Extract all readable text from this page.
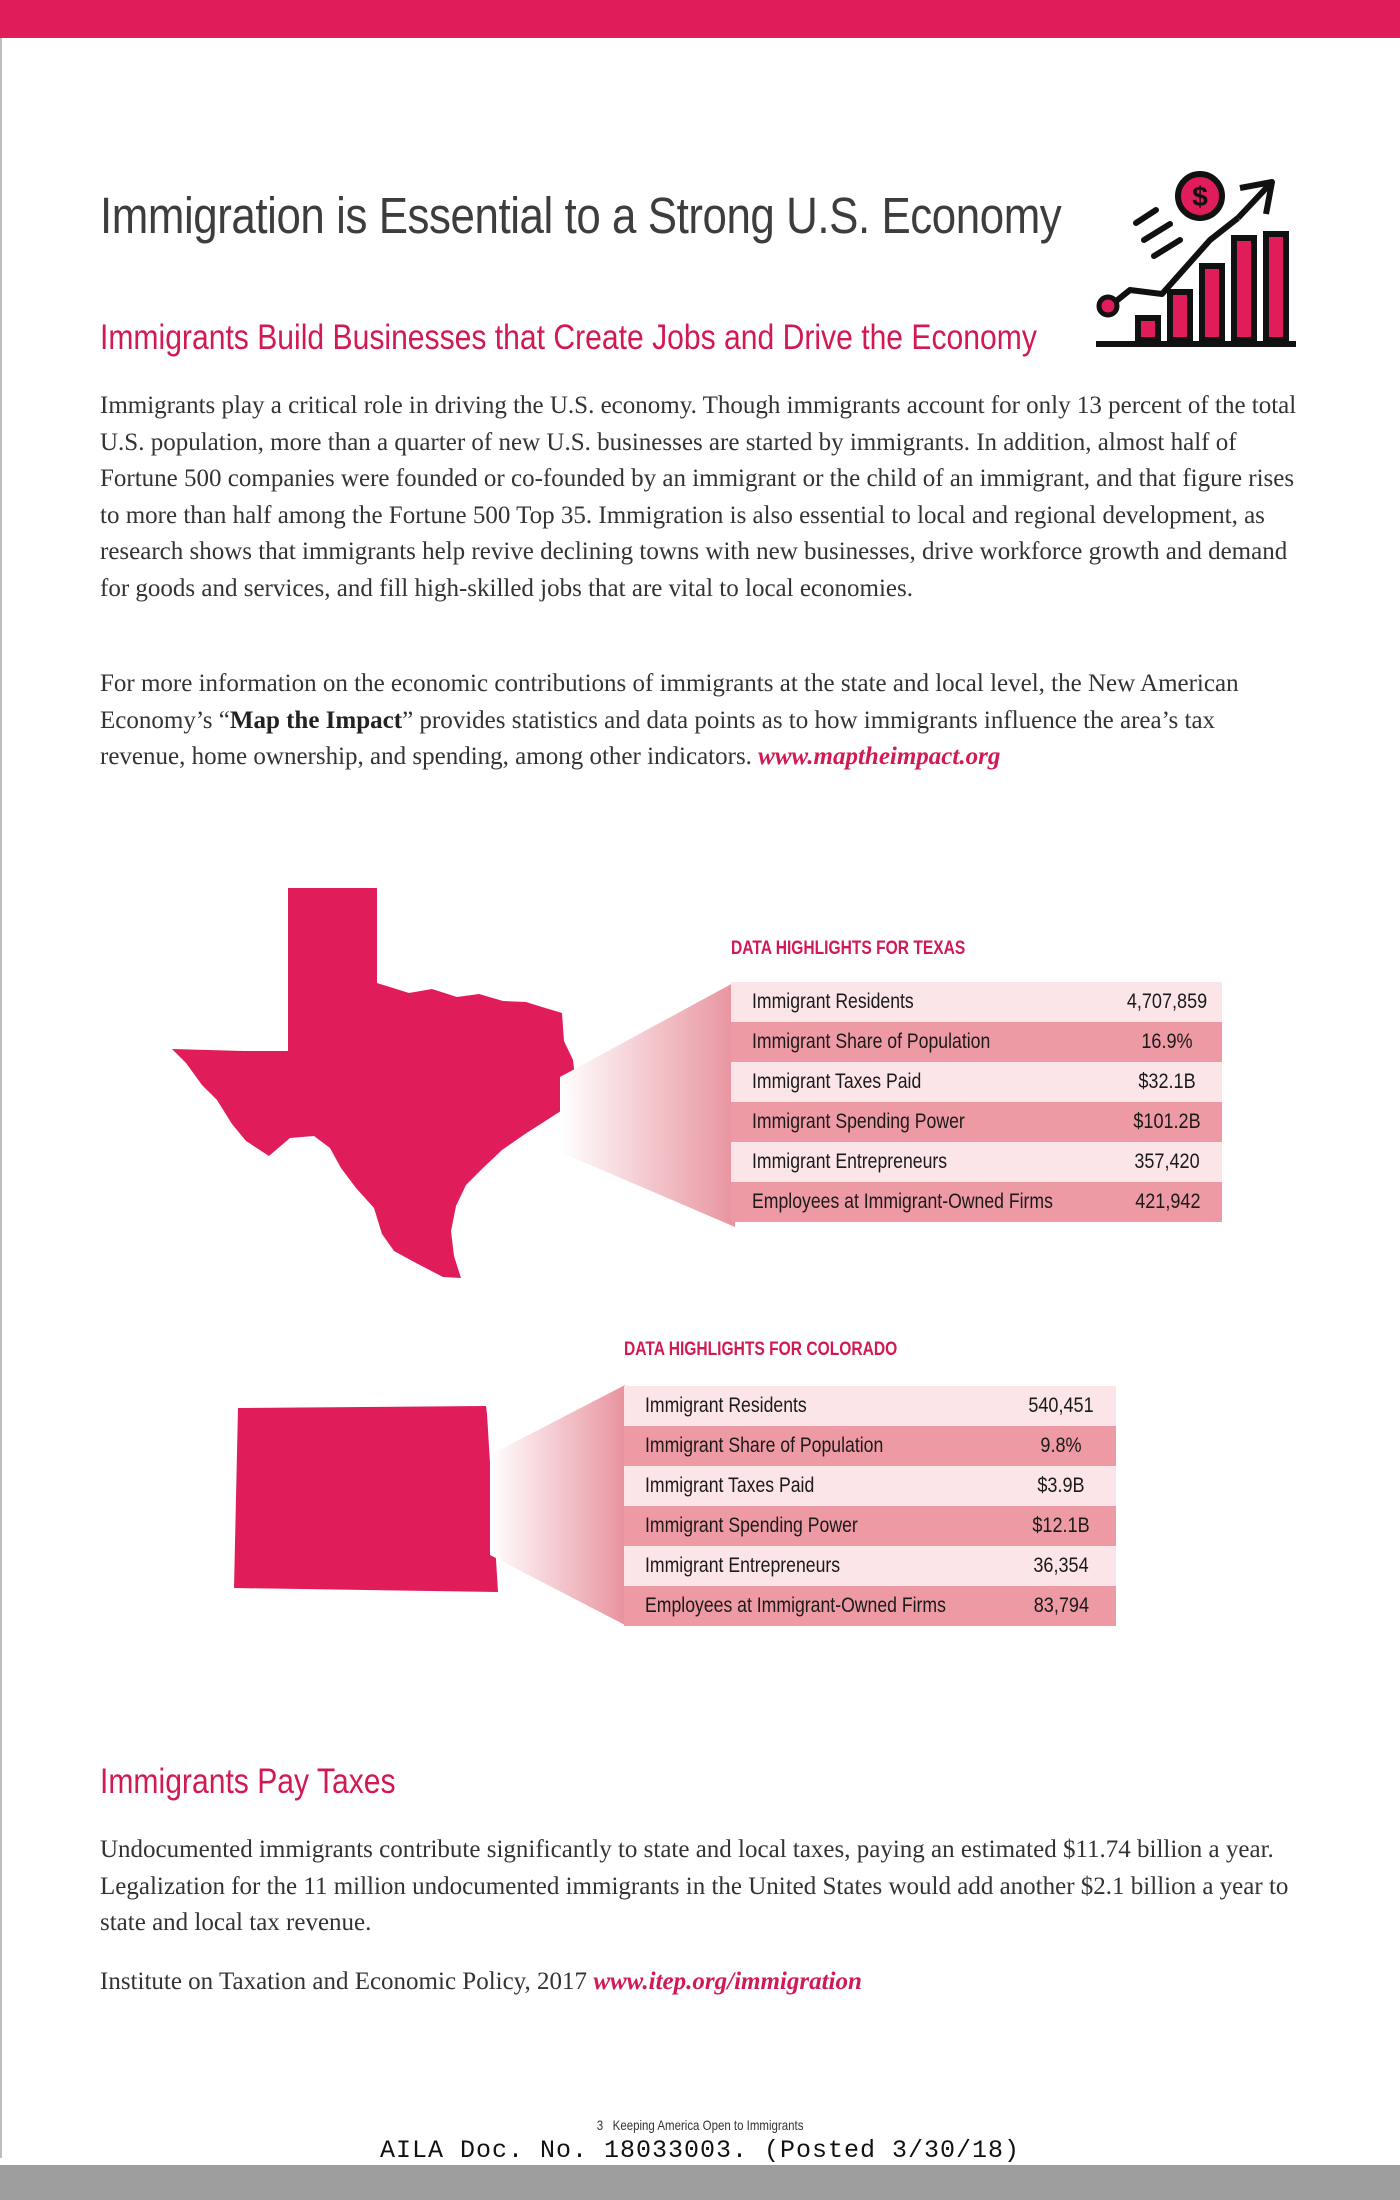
Immigration is Essential to a Strong U.S. Economy	$
Immigrants Build Businesses that Create Jobs and Drive the Economy

Immigrants play a critical role in driving the U.S. economy. Though immigrants account for only 13 percent of the total U.S. population, more than a quarter of new U.S. businesses are started by immigrants. In addition, almost half of Fortune 500 companies were founded or co-founded by an immigrant or the child of an immigrant, and that figure rises to more than half among the Fortune 500 Top 35. Immigration is also essential to local and regional development, as research shows that immigrants help revive declining towns with new businesses, drive workforce growth and demand for goods and services, and fill high-skilled jobs that are vital to local economies.

For more information on the economic contributions of immigrants at the state and local level, the New American Economy’s “Map the Impact” provides statistics and data points as to how immigrants influence the area’s tax revenue, home ownership, and spending, among other indicators. www.maptheimpact.org

DATA HIGHLIGHTS FOR TEXAS
Immigrant Residents	4,707,859
Immigrant Share of Population	16.9%
Immigrant Taxes Paid	$32.1B
Immigrant Spending Power	$101.2B
Immigrant Entrepreneurs	357,420
Employees at Immigrant-Owned Firms	421,942
DATA HIGHLIGHTS FOR COLORADO
Immigrant Residents	540,451
Immigrant Share of Population	9.8%
Immigrant Taxes Paid	$3.9B
Immigrant Spending Power	$12.1B
Immigrant Entrepreneurs	36,354
Employees at Immigrant-Owned Firms	83,794
Immigrants Pay Taxes

Undocumented immigrants contribute significantly to state and local taxes, paying an estimated $11.74 billion a year. Legalization for the 11 million undocumented immigrants in the United States would add another $2.1 billion a year to state and local tax revenue.

Institute on Taxation and Economic Policy, 2017 www.itep.org/immigration

3 Keeping America Open to Immigrants
AILA Doc. No. 18033003. (Posted 3/30/18)
